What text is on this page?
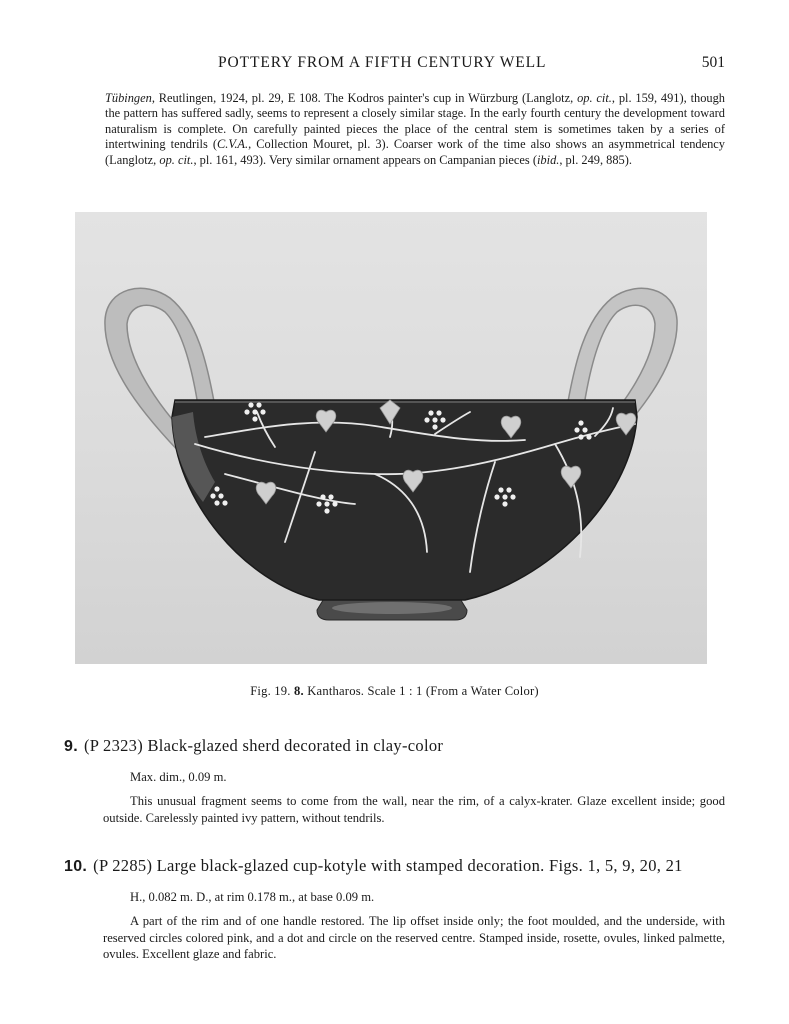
POTTERY FROM A FIFTH CENTURY WELL	501

Tübingen, Reutlingen, 1924, pl. 29, E 108. The Kodros painter's cup in Würzburg (Langlotz, op. cit., pl. 159, 491), though the pattern has suffered sadly, seems to represent a closely similar stage. In the early fourth century the development toward naturalism is complete. On carefully painted pieces the place of the central stem is sometimes taken by a series of intertwining tendrils (C.V.A., Collection Mouret, pl. 3). Coarser work of the time also shows an asymmetrical tendency (Langlotz, op. cit., pl. 161, 493). Very similar ornament appears on Campanian pieces (ibid., pl. 249, 885).

Fig. 19. 8. Kantharos. Scale 1 : 1 (From a Water Color)
9. (P 2323) Black-glazed sherd decorated in clay-color
Max. dim., 0.09 m.

This unusual fragment seems to come from the wall, near the rim, of a calyx-krater. Glaze excellent inside; good outside. Carelessly painted ivy pattern, without tendrils.

10. (P 2285) Large black-glazed cup-kotyle with stamped decoration. Figs. 1, 5, 9, 20, 21
H., 0.082 m. D., at rim 0.178 m., at base 0.09 m.

A part of the rim and of one handle restored. The lip offset inside only; the foot moulded, and the underside, with reserved circles colored pink, and a dot and circle on the reserved centre. Stamped inside, rosette, ovules, linked palmette, ovules. Excellent glaze and fabric.
